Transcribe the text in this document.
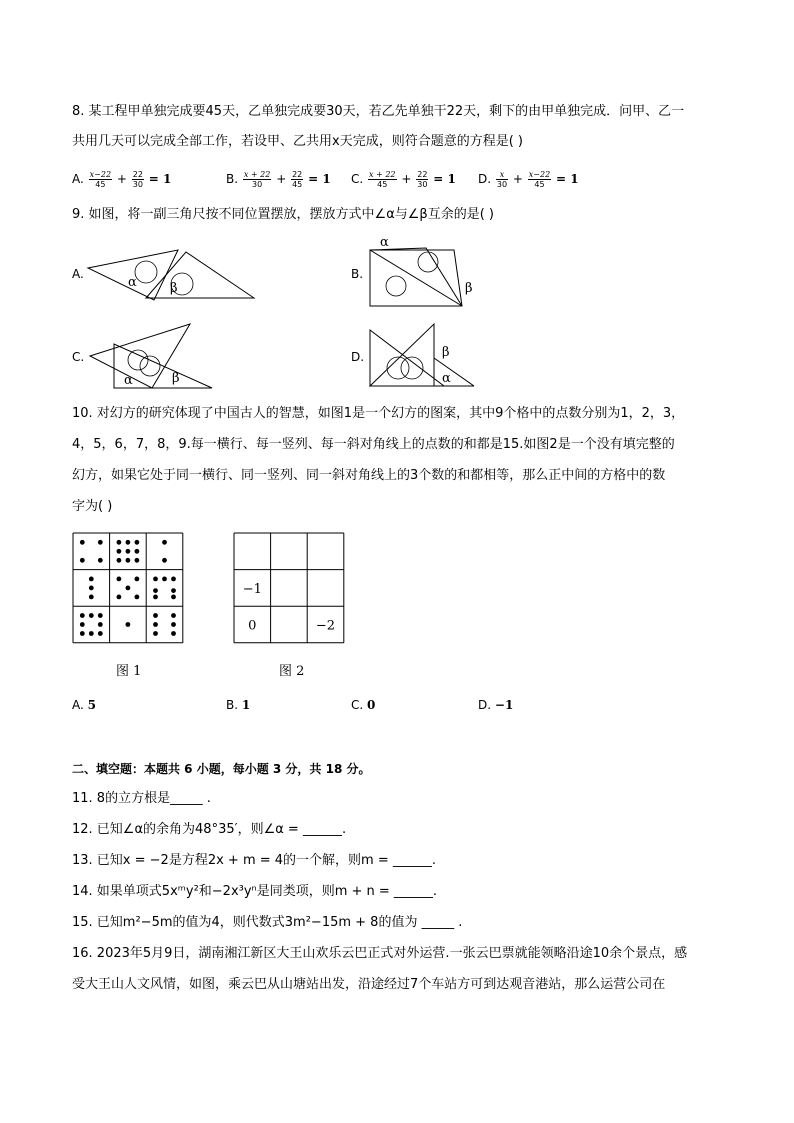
8. 某工程甲单独完成要45天，乙单独完成要30天，若乙先单独干22天，剩下的由甲单独完成．问甲、乙一
共用几天可以完成全部工作，若设甲、乙共用x天完成，则符合题意的方程是( )
A. $\frac{x-22}{45} + \frac{22}{30} = 1$	B. $\frac{x + 22}{30} + \frac{22}{45} = 1$ C. $\frac{x + 22}{45} + \frac{22}{30} = 1$ D. $\frac{x}{30} + \frac{x-22}{45} = 1$
9. 如图，将一副三角尺按不同位置摆放，摆放方式中∠α与∠β互余的是( )
A.
α	β
B.
α
β
C.
α	β
D.	β
α
10. 对幻方的研究体现了中国古人的智慧，如图1是一个幻方的图案，其中9个格中的点数分别为1，2，3，
4，5，6，7，8，9.每一横行、每一竖列、每一斜对角线上的点数的和都是15.如图2是一个没有填完整的
幻方，如果它处于同一横行、同一竖列、同一斜对角线上的3个数的和都相等，那么正中间的方格中的数
字为( )
−1
0	−2
图 1	图 2
A. 5	B. 1	C. 0	D. −1
二、填空题：本题共 6 小题，每小题 3 分，共 18 分。
11. 8的立方根是_____ .
12. 已知∠α的余角为48°35′，则∠α = ______.
13. 已知x = −2是方程2x + m = 4的一个解，则m = ______.
14. 如果单项式5xᵐy²和−2x³yⁿ是同类项，则m + n = ______.
15. 已知m²−5m的值为4，则代数式3m²−15m + 8的值为 _____ .
16. 2023年5月9日，湖南湘江新区大王山欢乐云巴正式对外运营.一张云巴票就能领略沿途10余个景点，感
受大王山人文风情，如图，乘云巴从山塘站出发，沿途经过7个车站方可到达观音港站，那么运营公司在
